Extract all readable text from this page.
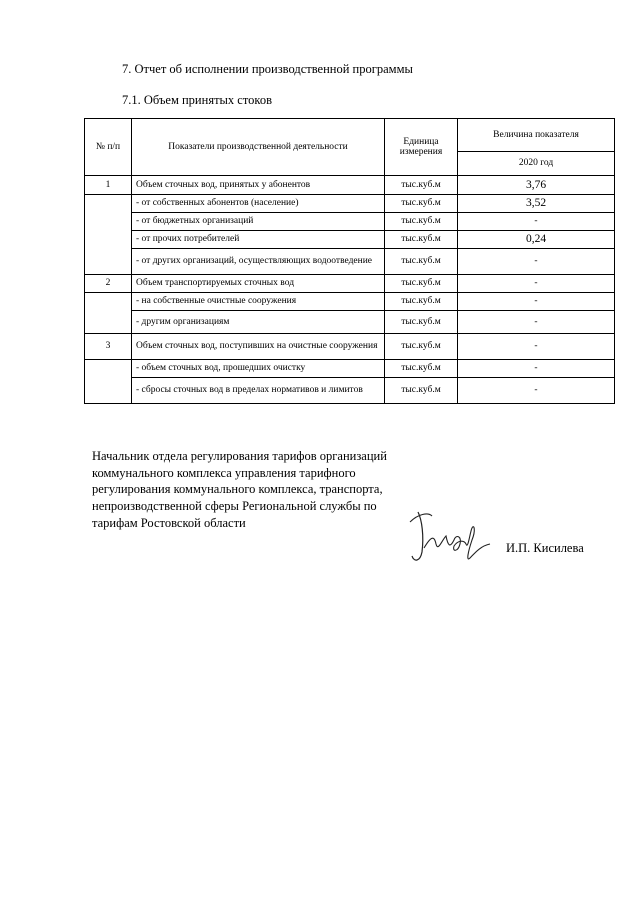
7. Отчет об исполнении производственной программы
7.1. Объем принятых стоков
№ п/п	Показатели производственной деятельности	Единица измерения	Величина показателя
			2020 год
1	Объем сточных вод, принятых у абонентов	тыс.куб.м	3,76
	- от собственных абонентов (население)	тыс.куб.м	3,52
	- от бюджетных организаций	тыс.куб.м	-
	- от прочих потребителей	тыс.куб.м	0,24
	- от других организаций, осуществляющих водоотведение	тыс.куб.м	-
2	Объем транспортируемых сточных вод	тыс.куб.м	-
	- на собственные очистные сооружения	тыс.куб.м	-
	- другим организациям	тыс.куб.м	-
3	Объем сточных вод, поступивших на очистные сооружения	тыс.куб.м	-
	- объем сточных вод, прошедших очистку	тыс.куб.м	-
	- сбросы сточных вод в пределах нормативов и лимитов	тыс.куб.м	-
Начальник отдела регулирования тарифов организаций коммунального комплекса управления тарифного регулирования коммунального комплекса, транспорта, непроизводственной сферы Региональной службы по тарифам Ростовской области
И.П. Кисилева
